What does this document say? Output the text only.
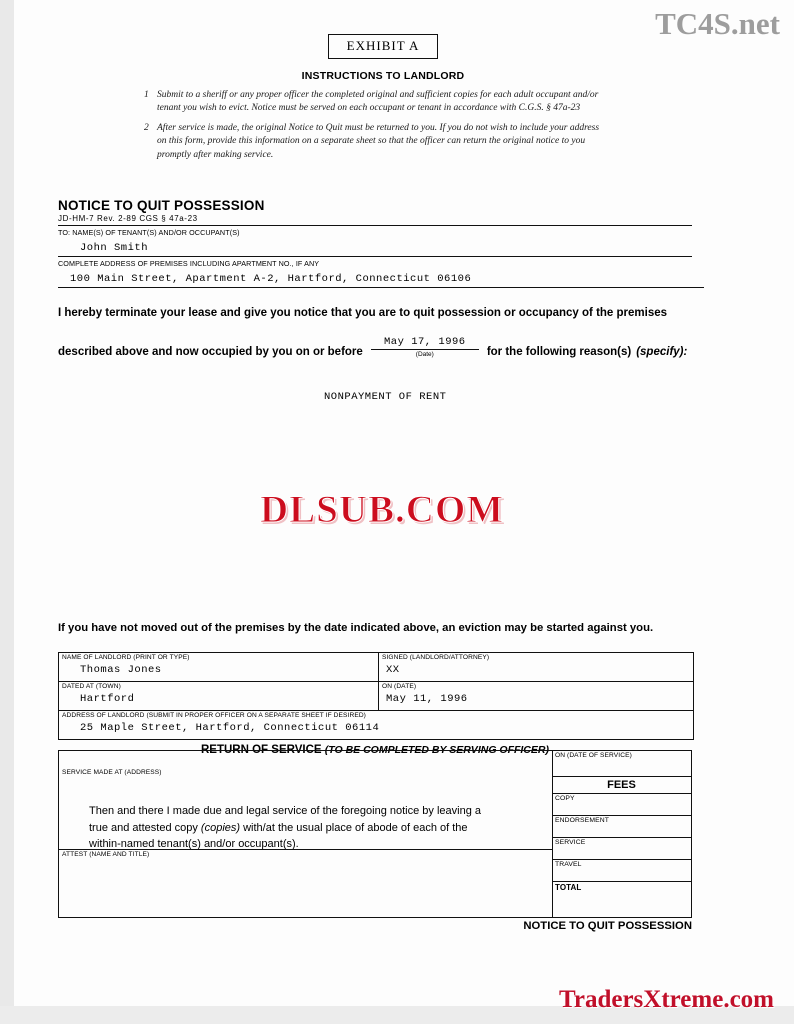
TC4S.net
DLSUB.COM
TradersXtreme.com
EXHIBIT A
INSTRUCTIONS TO LANDLORD
1 Submit to a sheriff or any proper officer the completed original and sufficient copies for each adult occupant and/or tenant you wish to evict. Notice must be served on each occupant or tenant in accordance with C.G.S. § 47a-23
2 After service is made, the original Notice to Quit must be returned to you. If you do not wish to include your address on this form, provide this information on a separate sheet so that the officer can return the original notice to you promptly after making service.
NOTICE TO QUIT POSSESSION
JD-HM-7 Rev. 2-89 CGS § 47a-23
TO: NAME(S) OF TENANT(S) AND/OR OCCUPANT(S)
John Smith
COMPLETE ADDRESS OF PREMISES INCLUDING APARTMENT NO., IF ANY
100 Main Street, Apartment A-2, Hartford, Connecticut 06106
I hereby terminate your lease and give you notice that you are to quit possession or occupancy of the premises
described above and now occupied by you on or before
May 17, 1996
(Date)	for the following reason(s) (specify):
NONPAYMENT OF RENT
If you have not moved out of the premises by the date indicated above, an eviction may be started against you.
NAME OF LANDLORD (PRINT OR TYPE)
Thomas Jones
SIGNED (LANDLORD/ATTORNEY)
XX
DATED AT (TOWN)
Hartford
ON (DATE)
May 11, 1996
ADDRESS OF LANDLORD (SUBMIT IN PROPER OFFICER ON A SEPARATE SHEET IF DESIRED)
25 Maple Street, Hartford, Connecticut 06114
RETURN OF SERVICE (TO BE COMPLETED BY SERVING OFFICER)
SERVICE MADE AT (ADDRESS)
Then and there I made due and legal service of the foregoing notice by leaving a
true and attested copy (copies) with/at the usual place of abode of each of the
within-named tenant(s) and/or occupant(s).
ATTEST (NAME AND TITLE)
ON (DATE OF SERVICE)
FEES
COPY
ENDORSEMENT
SERVICE
TRAVEL
TOTAL
NOTICE TO QUIT POSSESSION
